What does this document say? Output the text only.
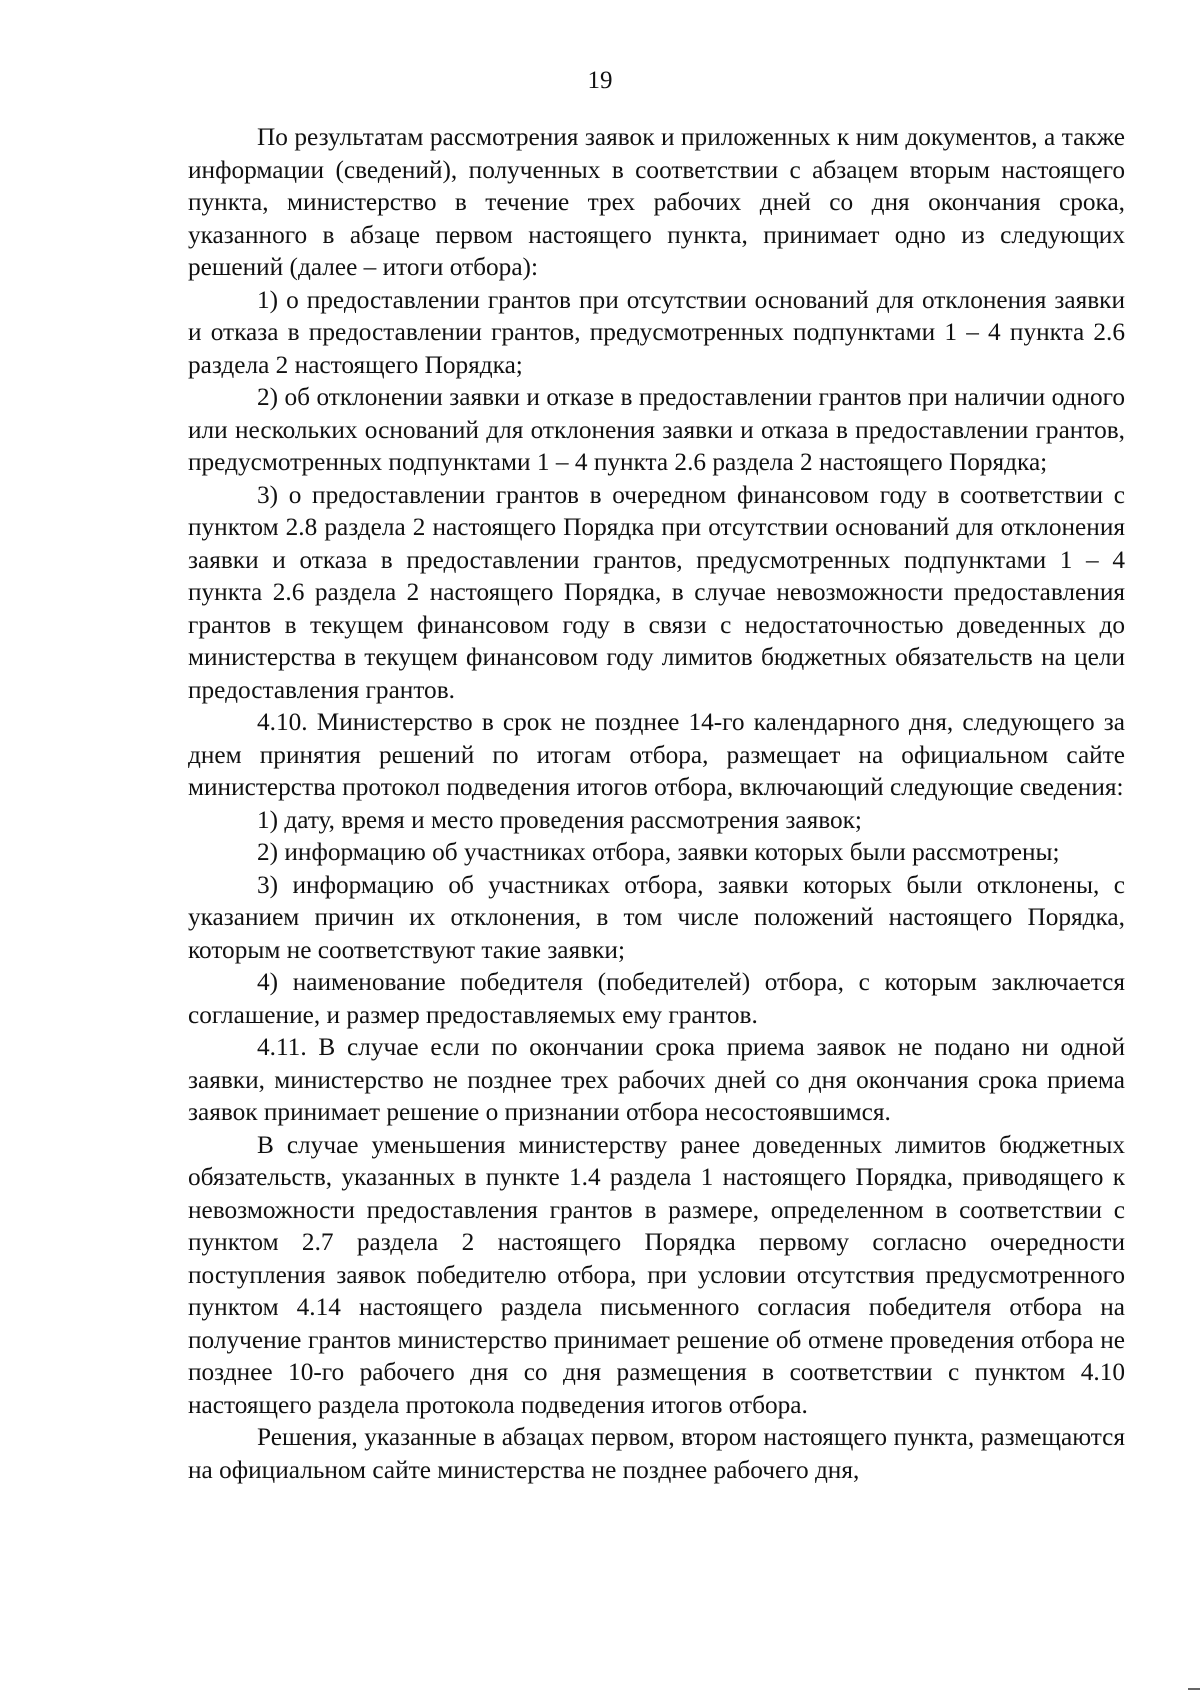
19

По результатам рассмотрения заявок и приложенных к ним документов, а также информации (сведений), полученных в соответствии с абзацем вторым настоящего пункта, министерство в течение трех рабочих дней со дня окончания срока, указанного в абзаце первом настоящего пункта, принимает одно из следующих решений (далее – итоги отбора):

1) о предоставлении грантов при отсутствии оснований для отклонения заявки и отказа в предоставлении грантов, предусмотренных подпунктами 1 – 4 пункта 2.6 раздела 2 настоящего Порядка;

2) об отклонении заявки и отказе в предоставлении грантов при наличии одного или нескольких оснований для отклонения заявки и отказа в предоставлении грантов, предусмотренных подпунктами 1 – 4 пункта 2.6 раздела 2 настоящего Порядка;

3) о предоставлении грантов в очередном финансовом году в соответствии с пунктом 2.8 раздела 2 настоящего Порядка при отсутствии оснований для отклонения заявки и отказа в предоставлении грантов, предусмотренных подпунктами 1 – 4 пункта 2.6 раздела 2 настоящего Порядка, в случае невозможности предоставления грантов в текущем финансовом году в связи с недостаточностью доведенных до министерства в текущем финансовом году лимитов бюджетных обязательств на цели предоставления грантов.

4.10. Министерство в срок не позднее 14-го календарного дня, следующего за днем принятия решений по итогам отбора, размещает на официальном сайте министерства протокол подведения итогов отбора, включающий следующие сведения:

1) дату, время и место проведения рассмотрения заявок;

2) информацию об участниках отбора, заявки которых были рассмотрены;

3) информацию об участниках отбора, заявки которых были отклонены, с указанием причин их отклонения, в том числе положений настоящего Порядка, которым не соответствуют такие заявки;

4) наименование победителя (победителей) отбора, с которым заключается соглашение, и размер предоставляемых ему грантов.

4.11. В случае если по окончании срока приема заявок не подано ни одной заявки, министерство не позднее трех рабочих дней со дня окончания срока приема заявок принимает решение о признании отбора несостоявшимся.

В случае уменьшения министерству ранее доведенных лимитов бюджетных обязательств, указанных в пункте 1.4 раздела 1 настоящего Порядка, приводящего к невозможности предоставления грантов в размере, определенном в соответствии с пунктом 2.7 раздела 2 настоящего Порядка первому согласно очередности поступления заявок победителю отбора, при условии отсутствия предусмотренного пунктом 4.14 настоящего раздела письменного согласия победителя отбора на получение грантов министерство принимает решение об отмене проведения отбора не позднее 10-го рабочего дня со дня размещения в соответствии с пунктом 4.10 настоящего раздела протокола подведения итогов отбора.

Решения, указанные в абзацах первом, втором настоящего пункта, размещаются на официальном сайте министерства не позднее рабочего дня,
